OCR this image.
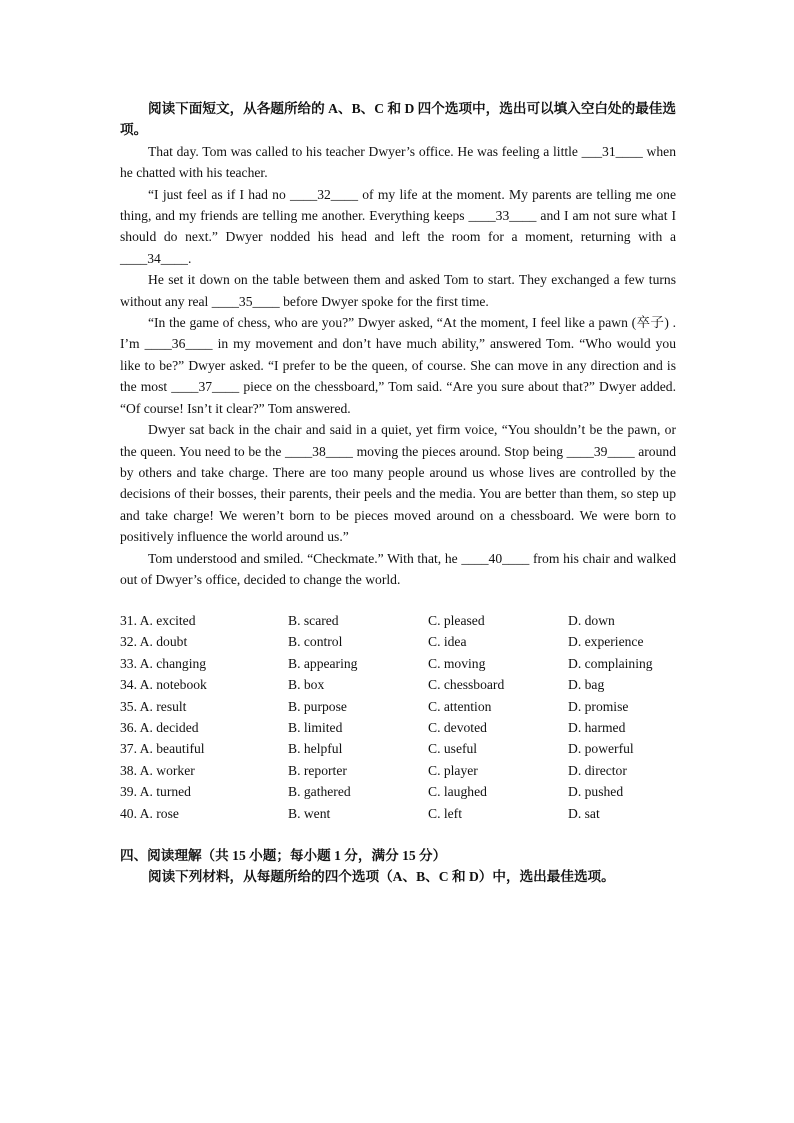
阅读下面短文，从各题所给的 A、B、C 和 D 四个选项中，选出可以填入空白处的最佳选项。

That day. Tom was called to his teacher Dwyer’s office. He was feeling a little ___31____ when he chatted with his teacher.

“I just feel as if I had no ____32____ of my life at the moment. My parents are telling me one thing, and my friends are telling me another. Everything keeps ____33____ and I am not sure what I should do next.” Dwyer nodded his head and left the room for a moment, returning with a ____34____.

He set it down on the table between them and asked Tom to start. They exchanged a few turns without any real ____35____ before Dwyer spoke for the first time.

“In the game of chess, who are you?” Dwyer asked, “At the moment, I feel like a pawn (卒子) . I’m ____36____ in my movement and don’t have much ability,” answered Tom. “Who would you like to be?” Dwyer asked. “I prefer to be the queen, of course. She can move in any direction and is the most ____37____ piece on the chessboard,” Tom said. “Are you sure about that?” Dwyer added. “Of course! Isn’t it clear?” Tom answered.

Dwyer sat back in the chair and said in a quiet, yet firm voice, “You shouldn’t be the pawn, or the queen. You need to be the ____38____ moving the pieces around. Stop being ____39____ around by others and take charge. There are too many people around us whose lives are controlled by the decisions of their bosses, their parents, their peels and the media. You are better than them, so step up and take charge! We weren’t born to be pieces moved around on a chessboard. We were born to positively influence the world around us.”

Tom understood and smiled. “Checkmate.” With that, he ____40____ from his chair and walked out of Dwyer’s office, decided to change the world.

31. A. excited	B. scared	C. pleased	D. down
32. A. doubt	B. control	C. idea	D. experience
33. A. changing	B. appearing	C. moving	D. complaining
34. A. notebook	B. box	C. chessboard	D. bag
35. A. result	B. purpose	C. attention	D. promise
36. A. decided	B. limited	C. devoted	D. harmed
37. A. beautiful	B. helpful	C. useful	D. powerful
38. A. worker	B. reporter	C. player	D. director
39. A. turned	B. gathered	C. laughed	D. pushed
40. A. rose	B. went	C. left	D. sat
四、阅读理解（共 15 小题；每小题 1 分，满分 15 分）
阅读下列材料，从每题所给的四个选项（A、B、C 和 D）中，选出最佳选项。
